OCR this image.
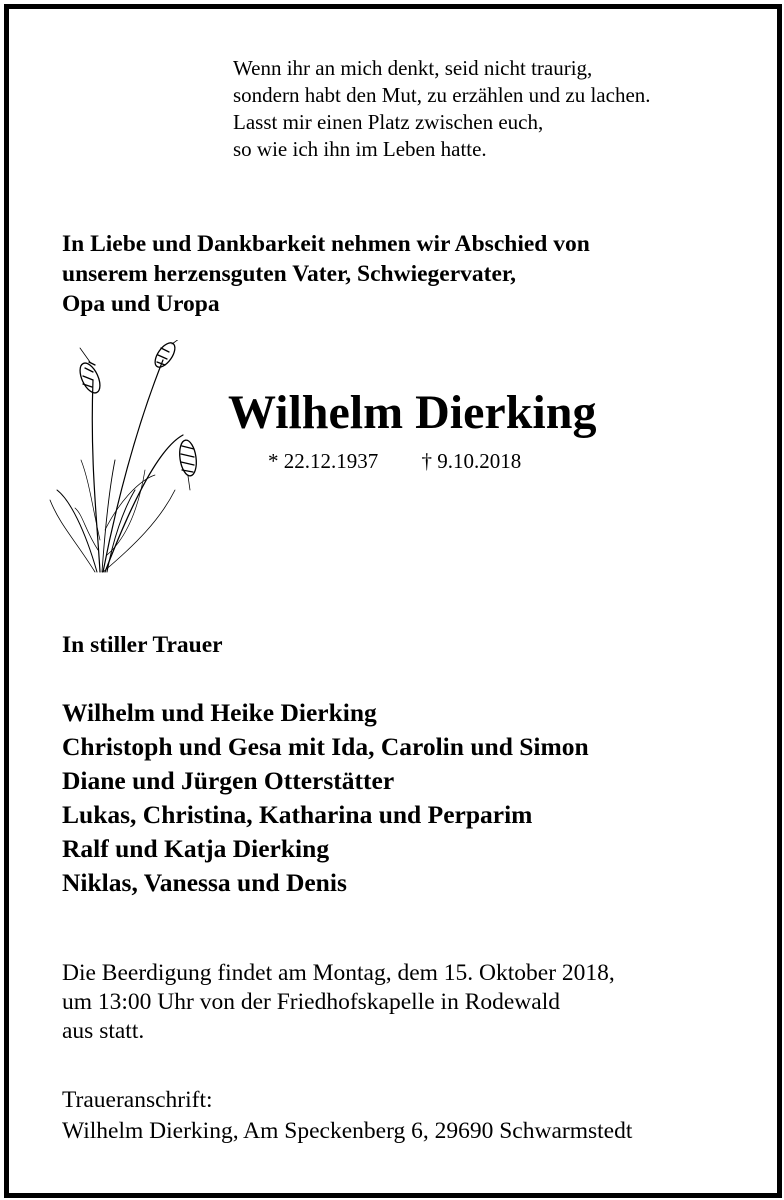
Wenn ihr an mich denkt, seid nicht traurig,
sondern habt den Mut, zu erzählen und zu lachen.
Lasst mir einen Platz zwischen euch,
so wie ich ihn im Leben hatte.
In Liebe und Dankbarkeit nehmen wir Abschied von
unserem herzensguten Vater, Schwiegervater,
Opa und Uropa
Wilhelm Dierking
* 22.12.1937 † 9.10.2018
In stiller Trauer
Wilhelm und Heike Dierking
Christoph und Gesa mit Ida, Carolin und Simon
Diane und Jürgen Otterstätter
Lukas, Christina, Katharina und Perparim
Ralf und Katja Dierking
Niklas, Vanessa und Denis
Die Beerdigung findet am Montag, dem 15. Oktober 2018,
um 13:00 Uhr von der Friedhofskapelle in Rodewald
aus statt.
Traueranschrift:
Wilhelm Dierking, Am Speckenberg 6, 29690 Schwarmstedt
